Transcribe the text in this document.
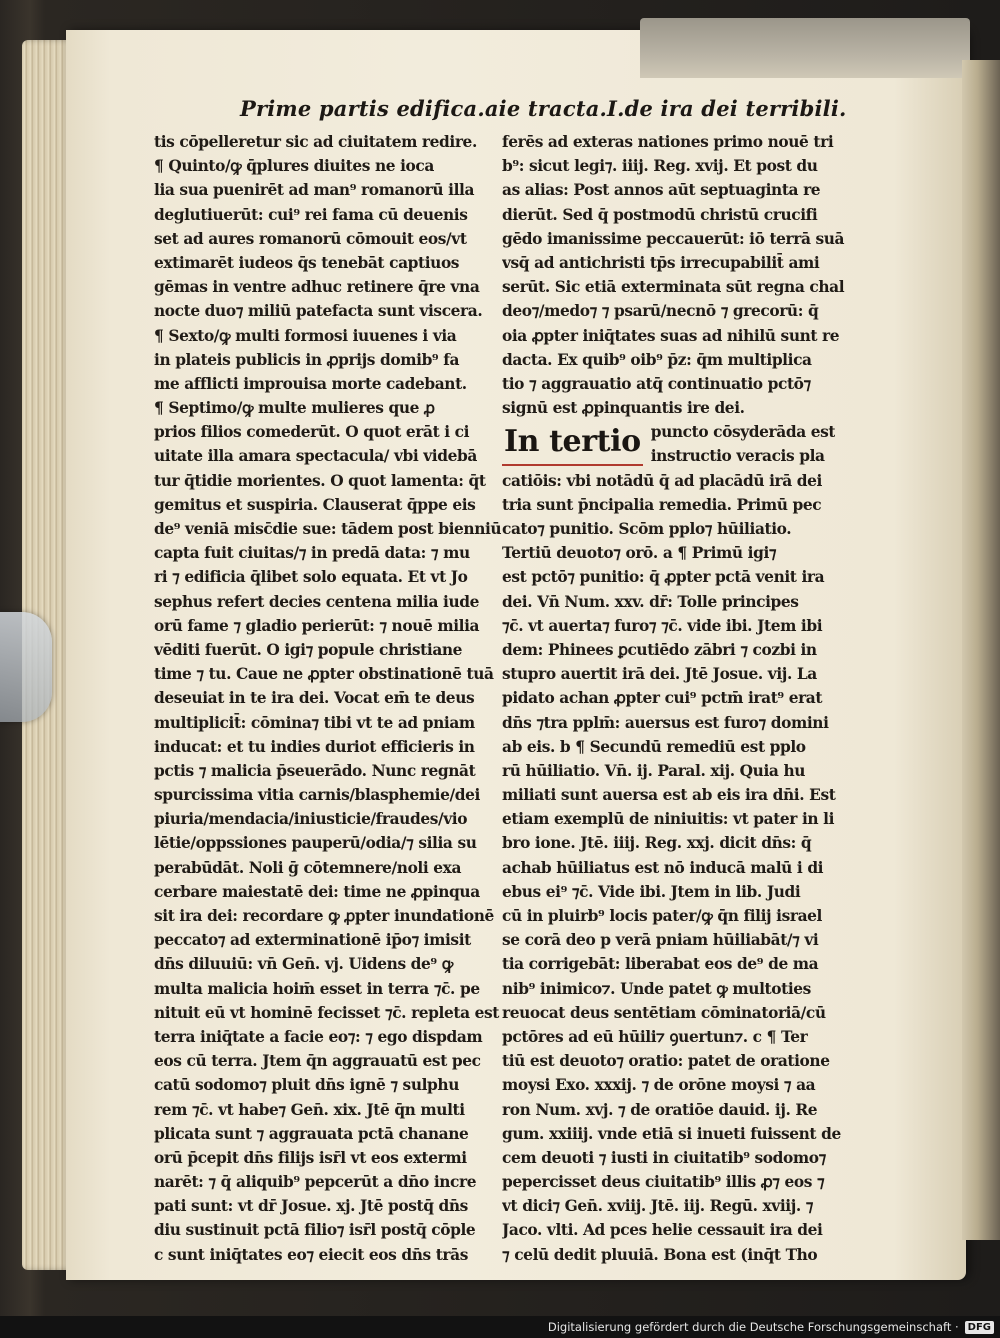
Prime partis edifica.aie tracta.I.de ira dei terribili.
tis cōpelleretur sic ad ciuitatem redire.
¶ Quinto/ꝙ q̄plures diuites ne ioca
lia sua puenirēt ad man⁹ romanorū illa
deglutiuerūt: cui⁹ rei fama cū deuenis
set ad aures romanorū cōmouit eos/vt
extimarēt iudeos q̄s tenebāt captiuos
gēmas in ventre adhuc retinere q̄re vna
nocte duo⁊ miliū patefacta sunt viscera.
¶ Sexto/ꝙ multi formosi iuuenes i via
in plateis publicis in ꝓprijs domib⁹ fa
me afflicti improuisa morte cadebant.
¶ Septimo/ꝙ multe mulieres que ꝓ
prios filios comederūt. O quot erāt i ci
uitate illa amara spectacula/ vbi videbā
tur q̄tidie morientes. O quot lamenta: q̄t
gemitus et suspiria. Clauserat q̄ppe eis
de⁹ veniā misc̄die sue: tādem post bienniū
capta fuit ciuitas/⁊ in predā data: ⁊ mu
ri ⁊ edificia q̄libet solo equata. Et vt Jo
sephus refert decies centena milia iude
orū fame ⁊ gladio perierūt: ⁊ nouē milia
vēditi fuerūt. O igi⁊ popule christiane
time ⁊ tu. Caue ne ꝓpter obstinationē tuā
deseuiat in te ira dei. Vocat em̄ te deus
multiplicit̄: cōmina⁊ tibi vt te ad pniam
inducat: et tu indies duriot efficieris in
pctis ⁊ malicia p̄seuerādo. Nunc regnāt
spurcissima vitia carnis/blasphemie/dei
piuria/mendacia/iniusticie/fraudes/vio
lētie/oppssiones pauperū/odia/⁊ silia su
perabūdāt. Noli ḡ cōtemnere/noli exa
cerbare maiestatē dei: time ne ꝓpinqua
sit ira dei: recordare ꝙ ꝓpter inundationē
peccato⁊ ad exterminationē ip̄o⁊ imisit
dn̄s diluuiū: vn̄ Gen̄. vj. Uidens de⁹ ꝙ
multa malicia hoim̄ esset in terra ⁊c̄. pe
nituit eū vt hominē fecisset ⁊c̄. repleta est
terra iniq̄tate a facie eo⁊: ⁊ ego dispdam
eos cū terra. Jtem q̄n aggrauatū est pec
catū sodomo⁊ pluit dn̄s ignē ⁊ sulphu
rem ⁊c̄. vt habe⁊ Gen̄. xix. Jtē q̄n multi
plicata sunt ⁊ aggrauata pctā chanane
orū p̄cepit dn̄s filijs isr̄l vt eos extermi
narēt: ⁊ q̄ aliquib⁹ pepcerūt a dn̄o incre
pati sunt: vt dr̄ Josue. xj. Jtē postq̄ dn̄s
diu sustinuit pctā filio⁊ isr̄l postq̄ cōple
c sunt iniq̄tates eo⁊ eiecit eos dn̄s trās
ferēs ad exteras nationes primo nouē tri
b⁹: sicut legi⁊. iiij. Reg. xvij. Et post du
as alias: Post annos aūt septuaginta re
dierūt. Sed q̄ postmodū christū crucifi
gēdo imanissime peccauerūt: iō terrā suā
vsq̄ ad antichristi tp̄s irrecupabilit̄ ami
serūt. Sic etiā exterminata sūt regna chal
deo⁊/medo⁊ ⁊ psarū/necnō ⁊ grecorū: q̄
oia ꝓpter iniq̄tates suas ad nihilū sunt re
dacta. Ex quib⁹ oib⁹ p̄z: q̄m multiplica
tio ⁊ aggrauatio atq̄ continuatio pctō⁊
signū est ꝓpinquantis ire dei.
In tertio puncto cōsyderāda est
instructio veracis pla
catiōis: vbi notādū q̄ ad placādū irā dei
tria sunt p̄ncipalia remedia. Primū pec
cato⁊ punitio. Scōm pplo⁊ hūiliatio.
Tertiū deuoto⁊ orō. a ¶ Primū igi⁊
est pctō⁊ punitio: q̄ ꝓpter pctā venit ira
dei. Vn̄ Num. xxv. dr̄: Tolle principes
⁊c̄. vt auerta⁊ furo⁊ ⁊c̄. vide ibi. Jtem ibi
dem: Phinees ꝑcutiēdo zābri ⁊ cozbi in
stupro auertit irā dei. Jtē Josue. vij. La
pidato achan ꝓpter cui⁹ pctm̄ irat⁹ erat
dn̄s ⁊tra pplm̄: auersus est furo⁊ domini
ab eis. b ¶ Secundū remediū est pplo
rū hūiliatio. Vn̄. ij. Paral. xij. Quia hu
miliati sunt auersa est ab eis ira dn̄i. Est
etiam exemplū de niniuitis: vt pater in li
bro ione. Jtē. iiij. Reg. xxj. dicit dn̄s: q̄
achab hūiliatus est nō inducā malū i di
ebus ei⁹ ⁊c̄. Vide ibi. Jtem in lib. Judi
cū in pluirb⁹ locis pater/ꝙ q̄n filij israel
se corā deo p verā pniam hūiliabāt/⁊ vi
tia corrigebāt: liberabat eos de⁹ de ma
nib⁹ inimico⁊. Unde patet ꝙ multoties
reuocat deus sentētiam cōminatoriā/cū
pctōres ad eū hūili⁊ ꝯuertun⁊. c ¶ Ter
tiū est deuoto⁊ oratio: patet de oratione
moysi Exo. xxxij. ⁊ de orōne moysi ⁊ aa
ron Num. xvj. ⁊ de oratiōe dauid. ij. Re
gum. xxiiij. vnde etiā si inueti fuissent de
cem deuoti ⁊ iusti in ciuitatib⁹ sodomo⁊
pepercisset deus ciuitatib⁹ illis ꝓ⁊ eos ⁊
vt dici⁊ Gen̄. xviij. Jtē. iij. Regū. xviij. ⁊
Jaco. vlti. Ad pces helie cessauit ira dei
⁊ celū dedit pluuiā. Bona est (inq̄t Tho
Digitalisierung gefördert durch die Deutsche Forschungsgemeinschaft · DFG
